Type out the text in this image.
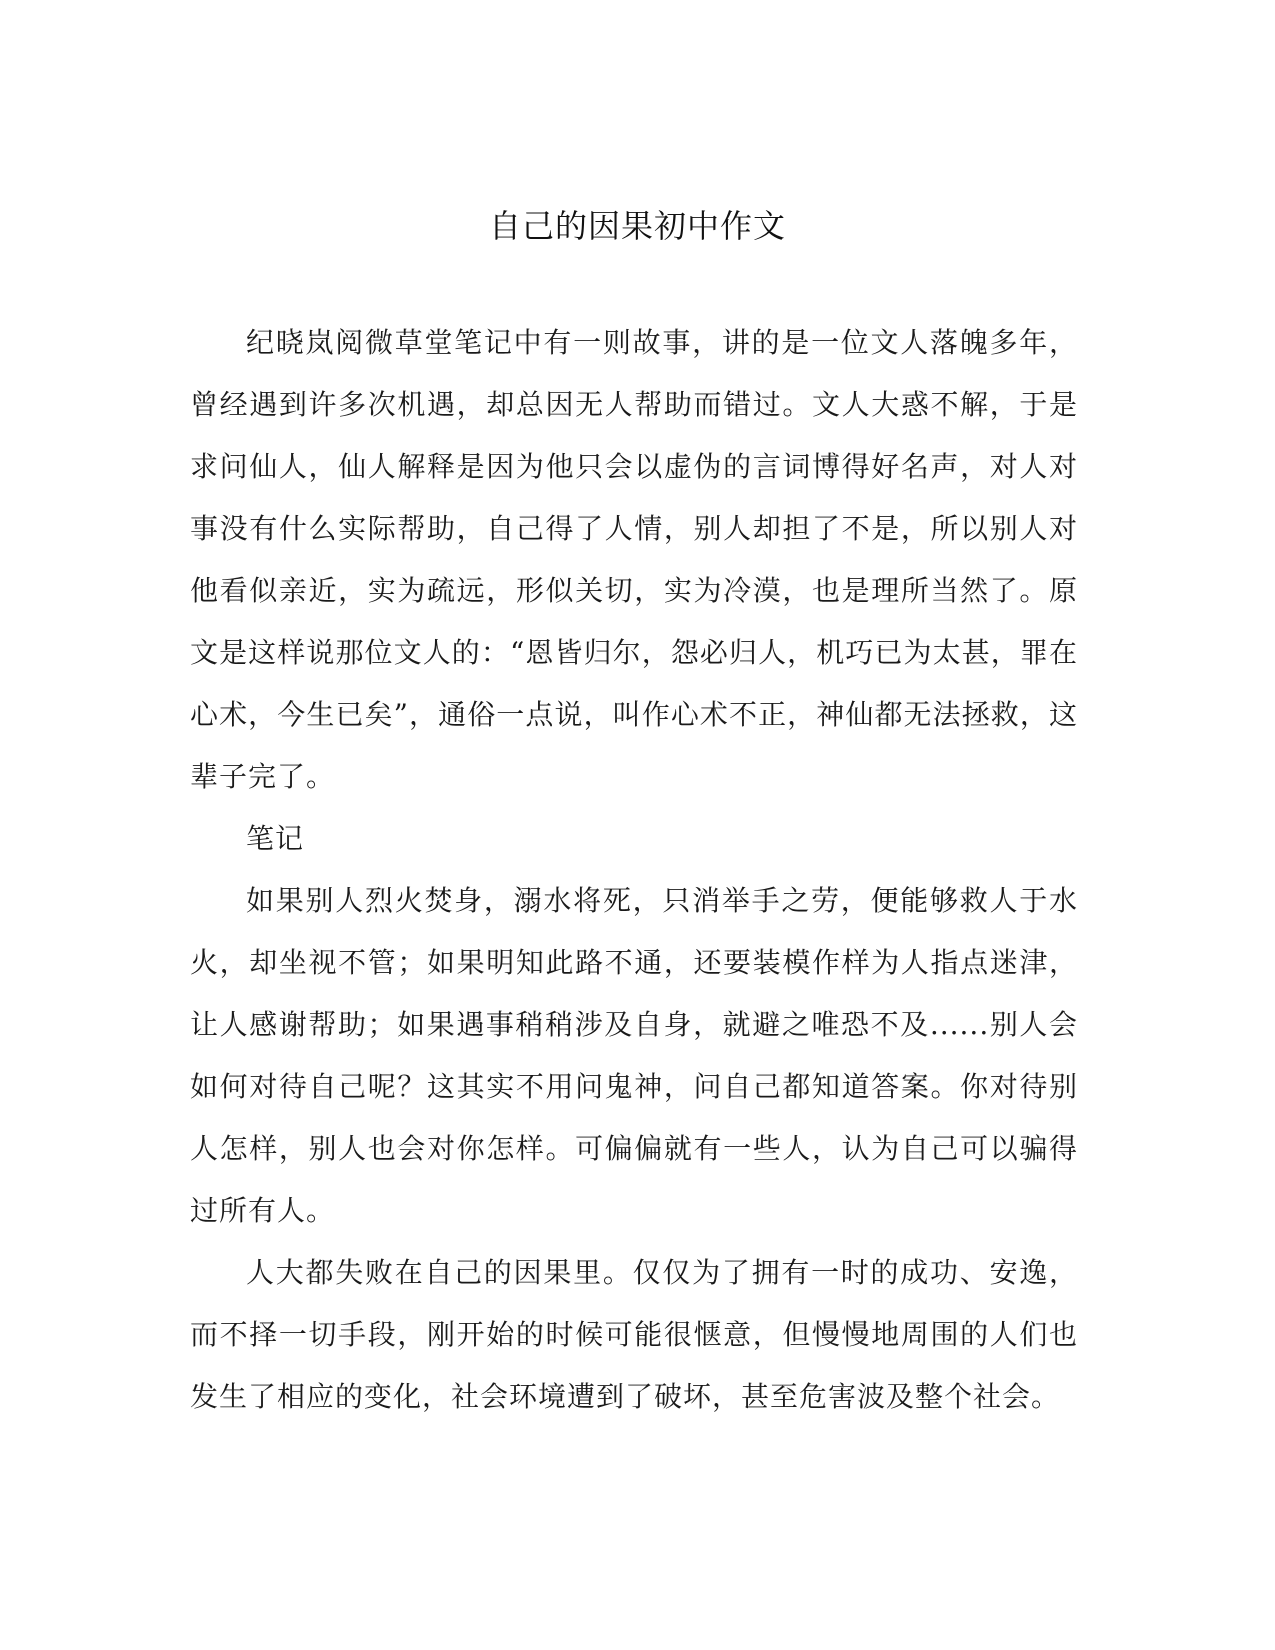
自己的因果初中作文

纪晓岚阅微草堂笔记中有一则故事，讲的是一位文人落魄多年，曾经遇到许多次机遇，却总因无人帮助而错过。文人大惑不解，于是求问仙人，仙人解释是因为他只会以虚伪的言词博得好名声，对人对事没有什么实际帮助，自己得了人情，别人却担了不是，所以别人对他看似亲近，实为疏远，形似关切，实为冷漠，也是理所当然了。原文是这样说那位文人的：“恩皆归尔，怨必归人，机巧已为太甚，罪在心术，今生已矣”，通俗一点说，叫作心术不正，神仙都无法拯救，这辈子完了。

笔记

如果别人烈火焚身，溺水将死，只消举手之劳，便能够救人于水火，却坐视不管；如果明知此路不通，还要装模作样为人指点迷津，让人感谢帮助；如果遇事稍稍涉及自身，就避之唯恐不及......别人会如何对待自己呢？这其实不用问鬼神，问自己都知道答案。你对待别人怎样，别人也会对你怎样。可偏偏就有一些人，认为自己可以骗得过所有人。

人大都失败在自己的因果里。仅仅为了拥有一时的成功、安逸，而不择一切手段，刚开始的时候可能很惬意，但慢慢地周围的人们也发生了相应的变化，社会环境遭到了破坏，甚至危害波及整个社会。
